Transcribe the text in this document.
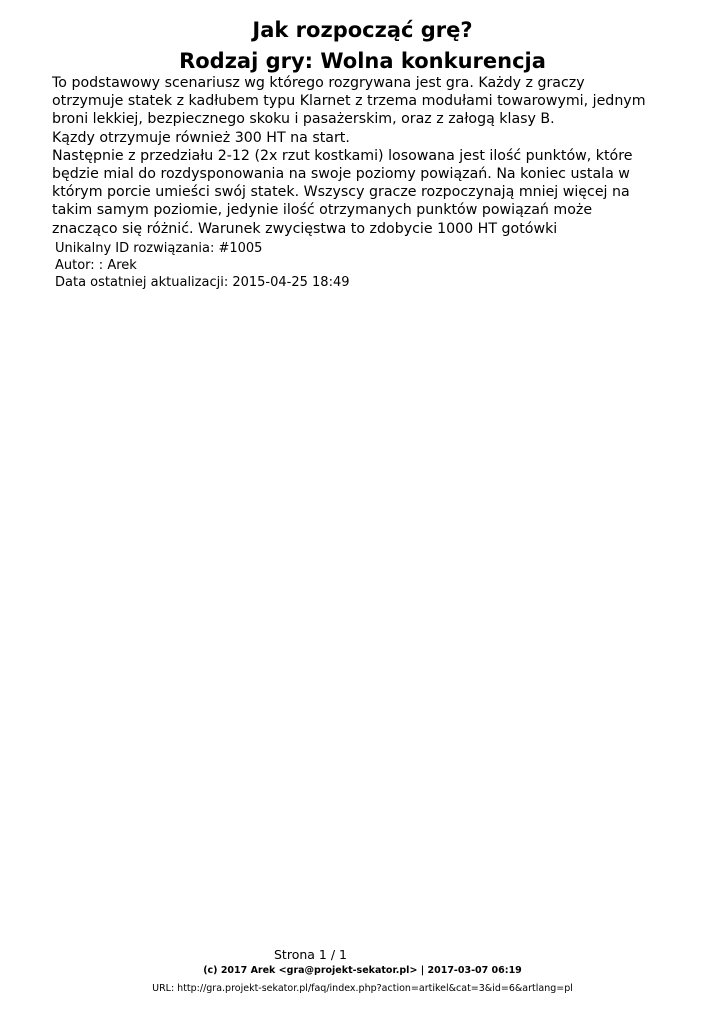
Jak rozpocząć grę?
Rodzaj gry: Wolna konkurencja
To podstawowy scenariusz wg którego rozgrywana jest gra. Każdy z graczy
otrzymuje statek z kadłubem typu Klarnet z trzema modułami towarowymi, jednym
broni lekkiej, bezpiecznego skoku i pasażerskim, oraz z załogą klasy B.
Kązdy otrzymuje również 300 HT na start.
Następnie z przedziału 2-12 (2x rzut kostkami) losowana jest ilość punktów, które
będzie mial do rozdysponowania na swoje poziomy powiązań. Na koniec ustala w
którym porcie umieści swój statek. Wszyscy gracze rozpoczynają mniej więcej na
takim samym poziomie, jedynie ilość otrzymanych punktów powiązań może
znacząco się różnić. Warunek zwycięstwa to zdobycie 1000 HT gotówki
Unikalny ID rozwiązania: #1005
Autor: : Arek
Data ostatniej aktualizacji: 2015-04-25 18:49
Strona 1 / 1
(c) 2017 Arek <gra@projekt-sekator.pl> | 2017-03-07 06:19
URL: http://gra.projekt-sekator.pl/faq/index.php?action=artikel&cat=3&id=6&artlang=pl
